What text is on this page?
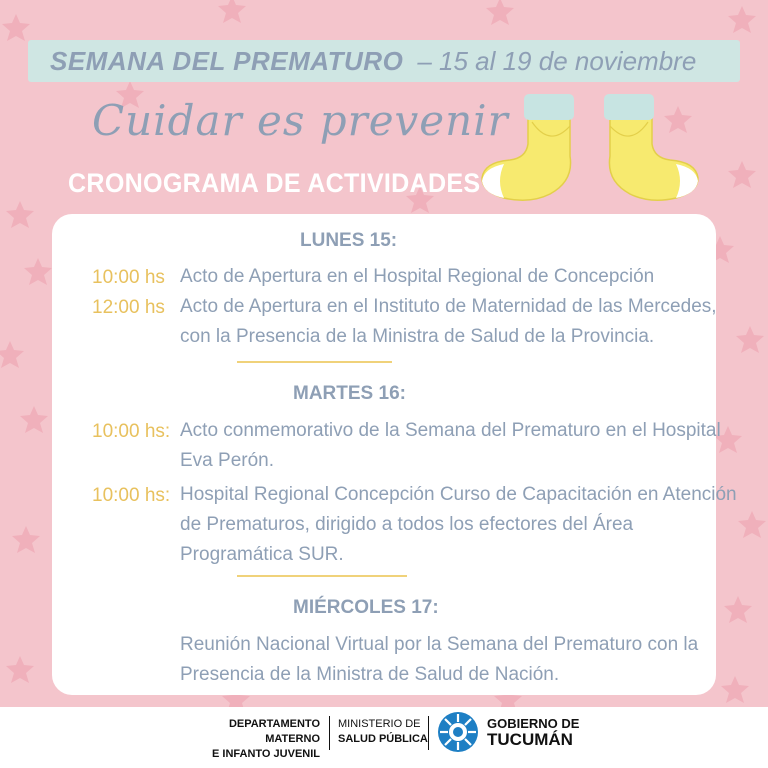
SEMANA DEL PREMATURO – 15 al 19 de noviembre
Cuidar es prevenir
CRONOGRAMA DE ACTIVIDADES
LUNES 15:
10:00 hs Acto de Apertura en el Hospital Regional de Concepción
12:00 hs Acto de Apertura en el Instituto de Maternidad de las Mercedes,
con la Presencia de la Ministra de Salud de la Provincia.
MARTES 16:
10:00 hs: Acto conmemorativo de la Semana del Prematuro en el Hospital
Eva Perón.
10:00 hs: Hospital Regional Concepción Curso de Capacitación en Atención
de Prematuros, dirigido a todos los efectores del Área
Programática SUR.
MIÉRCOLES 17:
Reunión Nacional Virtual por la Semana del Prematuro con la
Presencia de la Ministra de Salud de Nación.
DEPARTAMENTO MATERNO
E INFANTO JUVENIL
MINISTERIO DE
SALUD PÚBLICA
GOBIERNO DE
TUCUMÁN
